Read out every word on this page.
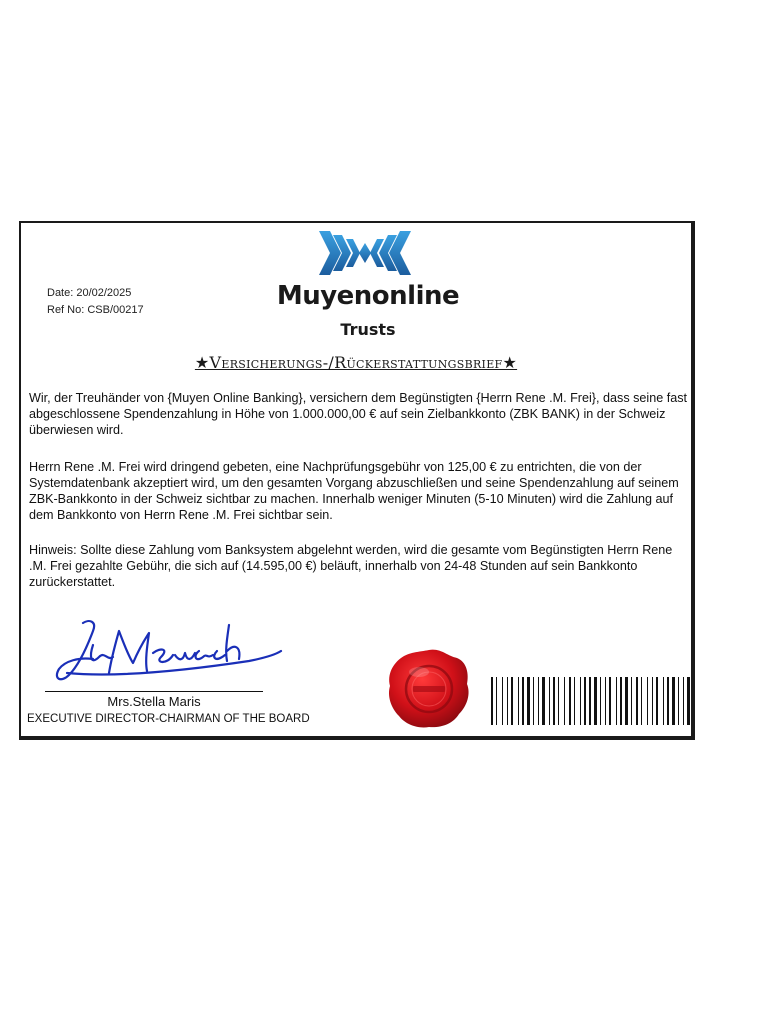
Date: 20/02/2025
Ref No: CSB/00217	Muyenonline
Trusts
★Versicherungs-/Rückerstattungsbrief★
Wir, der Treuhänder von {Muyen Online Banking}, versichern dem Begünstigten {Herrn Rene .M. Frei}, dass seine fast abgeschlossene Spendenzahlung in Höhe von 1.000.000,00 € auf sein Zielbankkonto (ZBK BANK) in der Schweiz überwiesen wird.
Herrn Rene .M. Frei wird dringend gebeten, eine Nachprüfungsgebühr von 125,00 € zu entrichten, die von der Systemdatenbank akzeptiert wird, um den gesamten Vorgang abzuschließen und seine Spendenzahlung auf seinem ZBK-Bankkonto in der Schweiz sichtbar zu machen. Innerhalb weniger Minuten (5-10 Minuten) wird die Zahlung auf dem Bankkonto von Herrn Rene .M. Frei sichtbar sein.
Hinweis: Sollte diese Zahlung vom Banksystem abgelehnt werden, wird die gesamte vom Begünstigten Herrn Rene .M. Frei gezahlte Gebühr, die sich auf (14.595,00 €) beläuft, innerhalb von 24-48 Stunden auf sein Bankkonto zurückerstattet.
Mrs.Stella Maris
EXECUTIVE DIRECTOR-CHAIRMAN OF THE BOARD
